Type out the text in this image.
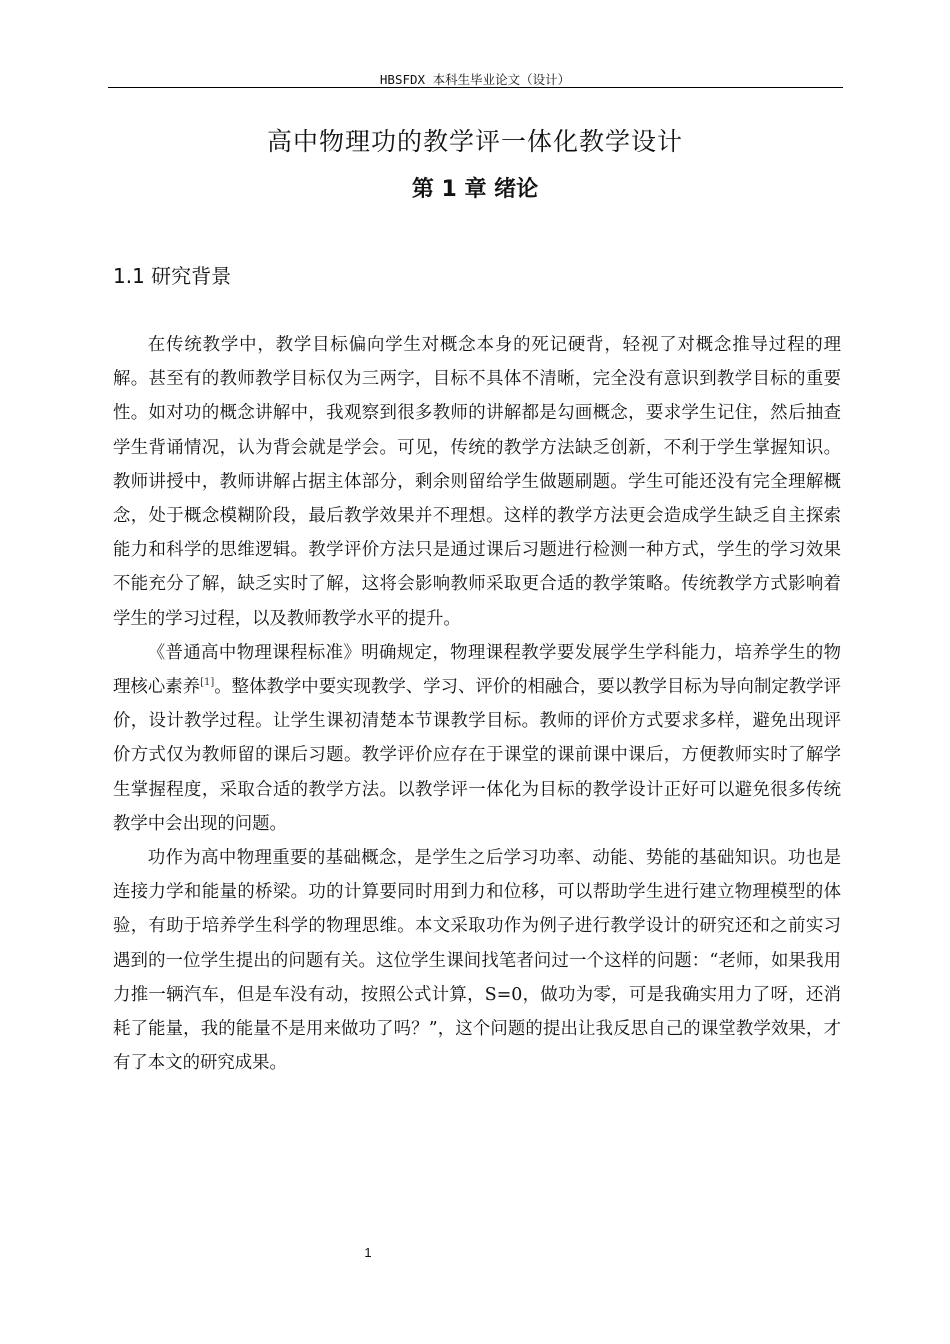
HBSFDX 本科生毕业论文（设计）
高中物理功的教学评一体化教学设计
第 1 章 绪论
1.1 研究背景

在传统教学中，教学目标偏向学生对概念本身的死记硬背，轻视了对概念推导过程的理解。甚至有的教师教学目标仅为三两字，目标不具体不清晰，完全没有意识到教学目标的重要性。如对功的概念讲解中，我观察到很多教师的讲解都是勾画概念，要求学生记住，然后抽查学生背诵情况，认为背会就是学会。可见，传统的教学方法缺乏创新，不利于学生掌握知识。教师讲授中，教师讲解占据主体部分，剩余则留给学生做题刷题。学生可能还没有完全理解概念，处于概念模糊阶段，最后教学效果并不理想。这样的教学方法更会造成学生缺乏自主探索能力和科学的思维逻辑。教学评价方法只是通过课后习题进行检测一种方式，学生的学习效果不能充分了解，缺乏实时了解，这将会影响教师采取更合适的教学策略。传统教学方式影响着学生的学习过程，以及教师教学水平的提升。

《普通高中物理课程标准》明确规定，物理课程教学要发展学生学科能力，培养学生的物理核心素养[1]。整体教学中要实现教学、学习、评价的相融合，要以教学目标为导向制定教学评价，设计教学过程。让学生课初清楚本节课教学目标。教师的评价方式要求多样，避免出现评价方式仅为教师留的课后习题。教学评价应存在于课堂的课前课中课后，方便教师实时了解学生掌握程度，采取合适的教学方法。以教学评一体化为目标的教学设计正好可以避免很多传统教学中会出现的问题。

功作为高中物理重要的基础概念，是学生之后学习功率、动能、势能的基础知识。功也是连接力学和能量的桥梁。功的计算要同时用到力和位移，可以帮助学生进行建立物理模型的体验，有助于培养学生科学的物理思维。本文采取功作为例子进行教学设计的研究还和之前实习遇到的一位学生提出的问题有关。这位学生课间找笔者问过一个这样的问题：“老师，如果我用力推一辆汽车，但是车没有动，按照公式计算，S=0，做功为零，可是我确实用力了呀，还消耗了能量，我的能量不是用来做功了吗？”，这个问题的提出让我反思自己的课堂教学效果，才有了本文的研究成果。

1
